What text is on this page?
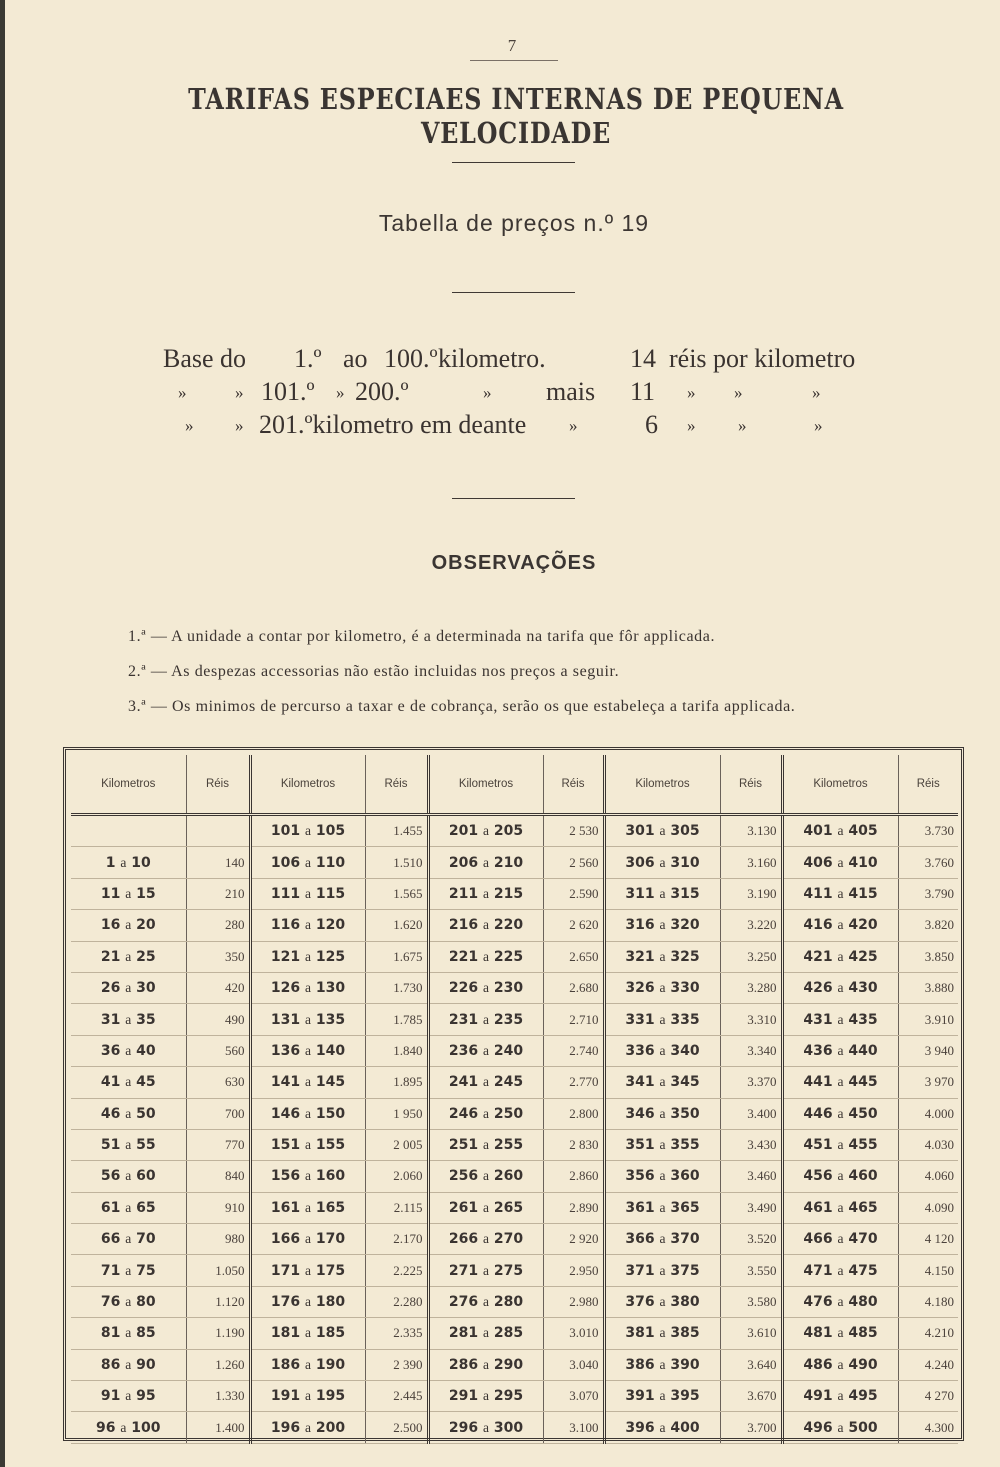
7
TARIFAS ESPECIAES INTERNAS DE PEQUENA VELOCIDADE
Tabella de preços n.º 19
Base do 1.º ao 100.º kilometro.	14 réis por kilometro
»	» 101.º » 200.º	» mais 11 » »	»
» » 201.ºkilometro em deante	»	6 »	»	»
OBSERVAÇÕES
1.ª — A unidade a contar por kilometro, é a determinada na tarifa que fôr applicada.
2.ª — As despezas accessorias não estão incluidas nos preços a seguir.
3.ª — Os minimos de percurso a taxar e de cobrança, serão os que estabeleça a tarifa applicada.
Kilometros	Réis	Kilometros	Réis	Kilometros	Réis	Kilometros	Réis	Kilometros	Réis
		101 a 105	1.455	201 a 205	2 530	301 a 305	3.130	401 a 405	3.730
1 a 10	140	106 a 110	1.510	206 a 210	2 560	306 a 310	3.160	406 a 410	3.760
11 a 15	210	111 a 115	1.565	211 a 215	2.590	311 a 315	3.190	411 a 415	3.790
16 a 20	280	116 a 120	1.620	216 a 220	2 620	316 a 320	3.220	416 a 420	3.820
21 a 25	350	121 a 125	1.675	221 a 225	2.650	321 a 325	3.250	421 a 425	3.850
26 a 30	420	126 a 130	1.730	226 a 230	2.680	326 a 330	3.280	426 a 430	3.880
31 a 35	490	131 a 135	1.785	231 a 235	2.710	331 a 335	3.310	431 a 435	3.910
36 a 40	560	136 a 140	1.840	236 a 240	2.740	336 a 340	3.340	436 a 440	3 940
41 a 45	630	141 a 145	1.895	241 a 245	2.770	341 a 345	3.370	441 a 445	3 970
46 a 50	700	146 a 150	1 950	246 a 250	2.800	346 a 350	3.400	446 a 450	4.000
51 a 55	770	151 a 155	2 005	251 a 255	2 830	351 a 355	3.430	451 a 455	4.030
56 a 60	840	156 a 160	2.060	256 a 260	2.860	356 a 360	3.460	456 a 460	4.060
61 a 65	910	161 a 165	2.115	261 a 265	2.890	361 a 365	3.490	461 a 465	4.090
66 a 70	980	166 a 170	2.170	266 a 270	2 920	366 a 370	3.520	466 a 470	4 120
71 a 75	1.050	171 a 175	2.225	271 a 275	2.950	371 a 375	3.550	471 a 475	4.150
76 a 80	1.120	176 a 180	2.280	276 a 280	2.980	376 a 380	3.580	476 a 480	4.180
81 a 85	1.190	181 a 185	2.335	281 a 285	3.010	381 a 385	3.610	481 a 485	4.210
86 a 90	1.260	186 a 190	2 390	286 a 290	3.040	386 a 390	3.640	486 a 490	4.240
91 a 95	1.330	191 a 195	2.445	291 a 295	3.070	391 a 395	3.670	491 a 495	4 270
96 a 100	1.400	196 a 200	2.500	296 a 300	3.100	396 a 400	3.700	496 a 500	4.300
